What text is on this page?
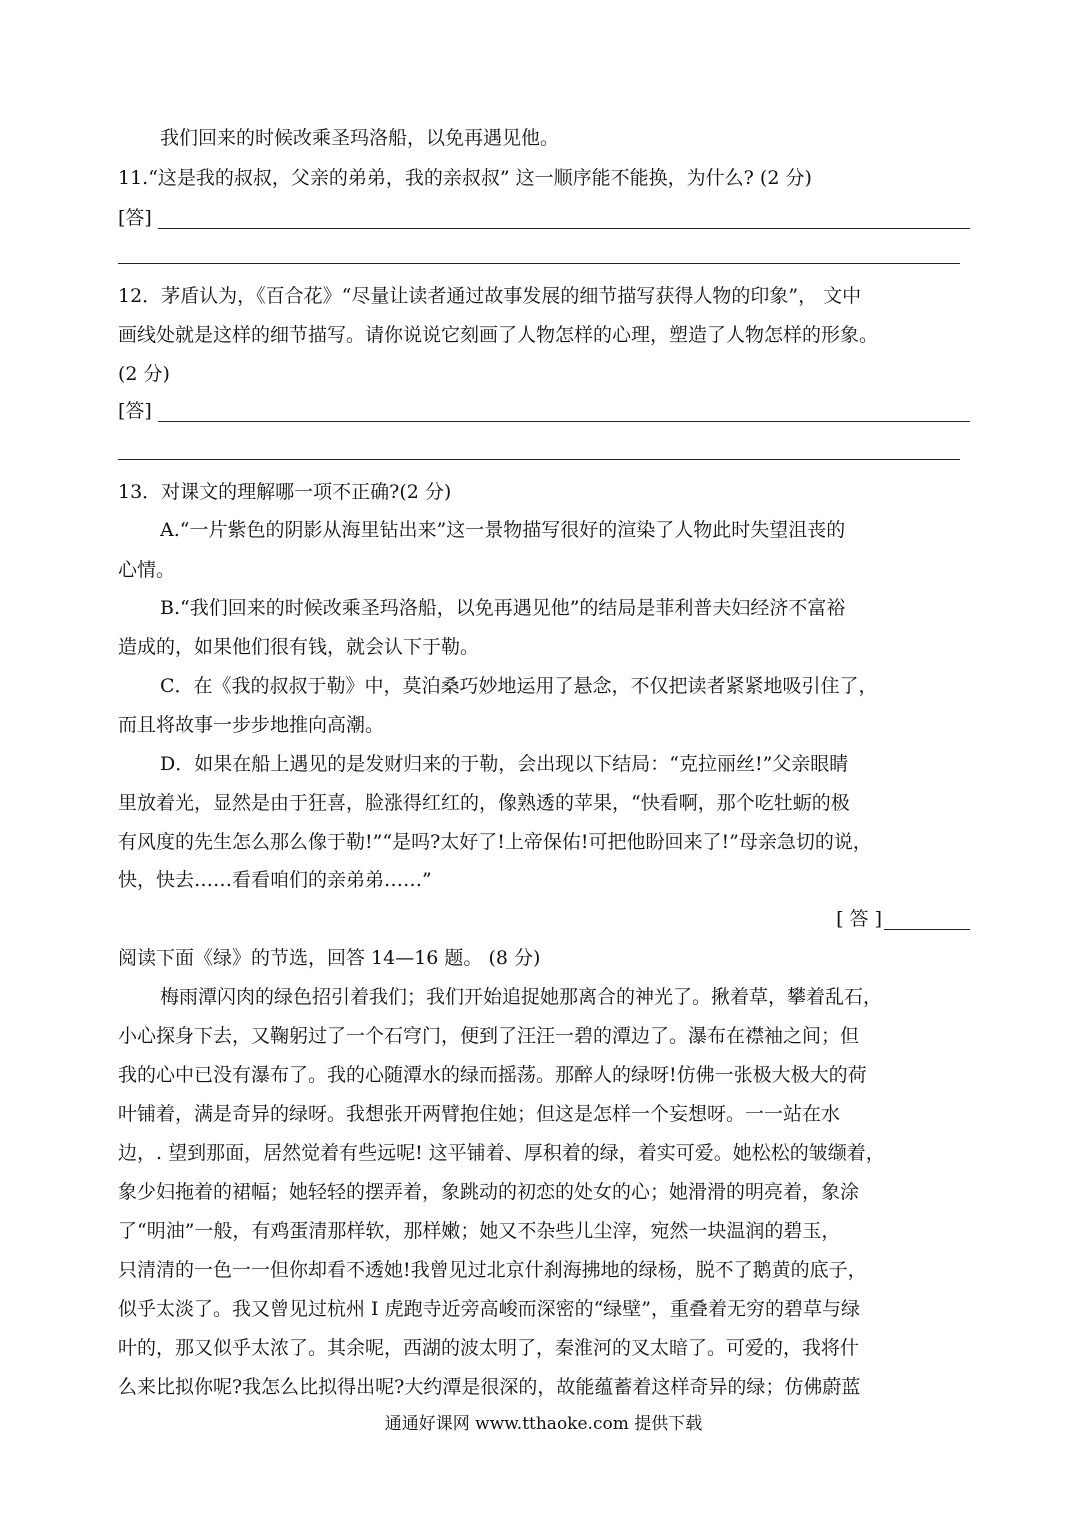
我们回来的时候改乘圣玛洛船，以免再遇见他。
11.“这是我的叔叔，父亲的弟弟，我的亲叔叔” 这一顺序能不能换，为什么? (2 分)
[答]
12．茅盾认为，《百合花》“尽量让读者通过故事发展的细节描写获得人物的印象”， 文中
画线处就是这样的细节描写。请你说说它刻画了人物怎样的心理，塑造了人物怎样的形象。
(2 分)
[答]
13．对课文的理解哪一项不正确?(2 分)
A.“一片紫色的阴影从海里钻出来”这一景物描写很好的渲染了人物此时失望沮丧的
心情。
B.“我们回来的时候改乘圣玛洛船，以免再遇见他”的结局是菲利普夫妇经济不富裕
造成的，如果他们很有钱，就会认下于勒。
C．在《我的叔叔于勒》中，莫泊桑巧妙地运用了悬念，不仅把读者紧紧地吸引住了，
而且将故事一步步地推向高潮。
D．如果在船上遇见的是发财归来的于勒，会出现以下结局：“克拉丽丝!”父亲眼睛
里放着光，显然是由于狂喜，脸涨得红红的，像熟透的苹果，“快看啊，那个吃牡蛎的极
有风度的先生怎么那么像于勒!”“是吗?太好了!上帝保佑!可把他盼回来了!”母亲急切的说，
快，快去……看看咱们的亲弟弟……”
[ 答 ]
阅读下面《绿》的节选，回答 14—16 题。 (8 分)
梅雨潭闪肉的绿色招引着我们；我们开始追捉她那离合的神光了。揪着草，攀着乱石，
小心探身下去，又鞠躬过了一个石穹门，便到了汪汪一碧的潭边了。瀑布在襟袖之间；但
我的心中已没有瀑布了。我的心随潭水的绿而摇荡。那醉人的绿呀!仿佛一张极大极大的荷
叶铺着，满是奇异的绿呀。我想张开两臂抱住她；但这是怎样一个妄想呀。一一站在水
边，. 望到那面，居然觉着有些远呢! 这平铺着、厚积着的绿，着实可爱。她松松的皱缬着，
象少妇拖着的裙幅；她轻轻的摆弄着，象跳动的初恋的处女的心；她滑滑的明亮着，象涂
了“明油”一般，有鸡蛋清那样软，那样嫩；她又不杂些儿尘滓，宛然一块温润的碧玉，
只清清的一色一一但你却看不透她!我曾见过北京什刹海拂地的绿杨，脱不了鹅黄的底子，
似乎太淡了。我又曾见过杭州 I 虎跑寺近旁高峻而深密的“绿壁”，重叠着无穷的碧草与绿
叶的，那又似乎太浓了。其余呢，西湖的波太明了，秦淮河的叉太暗了。可爱的，我将什
么来比拟你呢?我怎么比拟得出呢?大约潭是很深的，故能蕴蓄着这样奇异的绿；仿佛蔚蓝
通通好课网 www.tthaoke.com 提供下载
